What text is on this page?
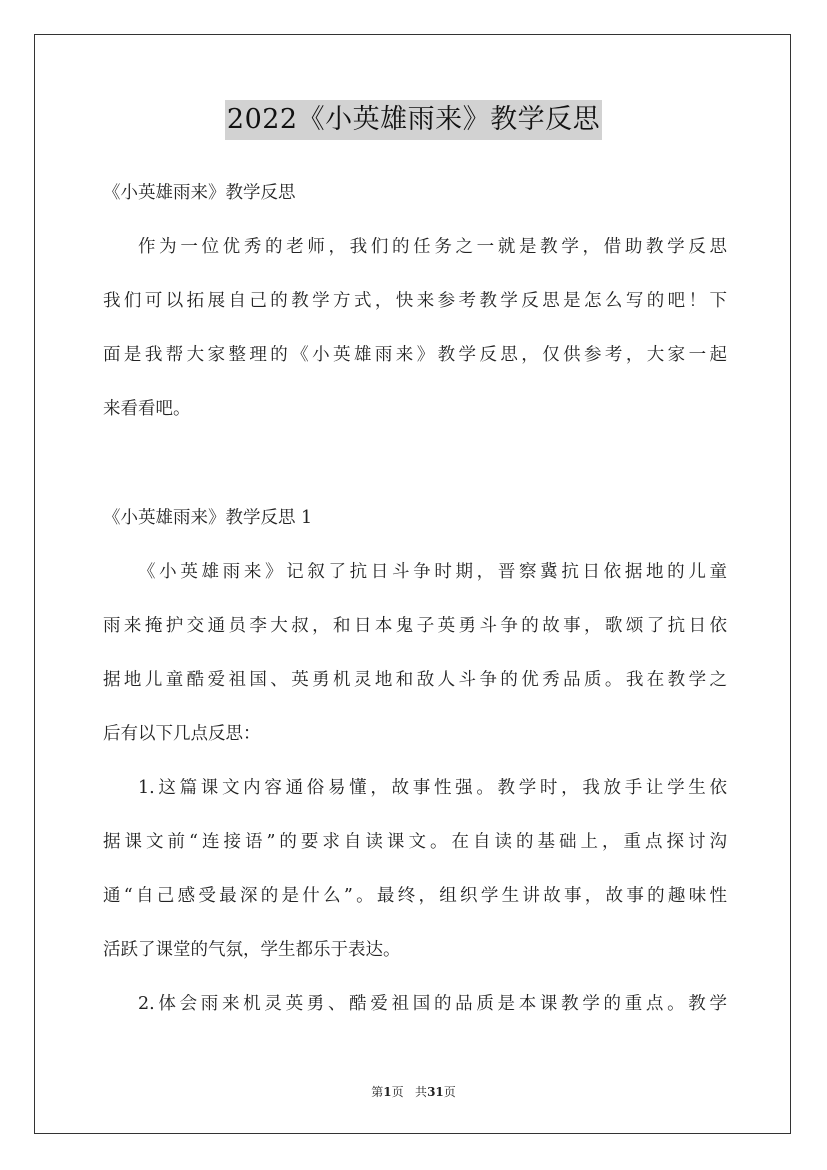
2022《小英雄雨来》教学反思
《小英雄雨来》教学反思
作为一位优秀的老师，我们的任务之一就是教学，借助教学反思
我们可以拓展自己的教学方式，快来参考教学反思是怎么写的吧！下
面是我帮大家整理的《小英雄雨来》教学反思，仅供参考，大家一起
来看看吧。
《小英雄雨来》教学反思 1
《小英雄雨来》记叙了抗日斗争时期，晋察冀抗日依据地的儿童
雨来掩护交通员李大叔，和日本鬼子英勇斗争的故事，歌颂了抗日依
据地儿童酷爱祖国、英勇机灵地和敌人斗争的优秀品质。我在教学之
后有以下几点反思：
1.这篇课文内容通俗易懂，故事性强。教学时，我放手让学生依
据课文前“连接语”的要求自读课文。在自读的基础上，重点探讨沟
通“自己感受最深的是什么”。最终，组织学生讲故事，故事的趣味性
活跃了课堂的气氛，学生都乐于表达。
2.体会雨来机灵英勇、酷爱祖国的品质是本课教学的重点。教学
第1页 共31页
